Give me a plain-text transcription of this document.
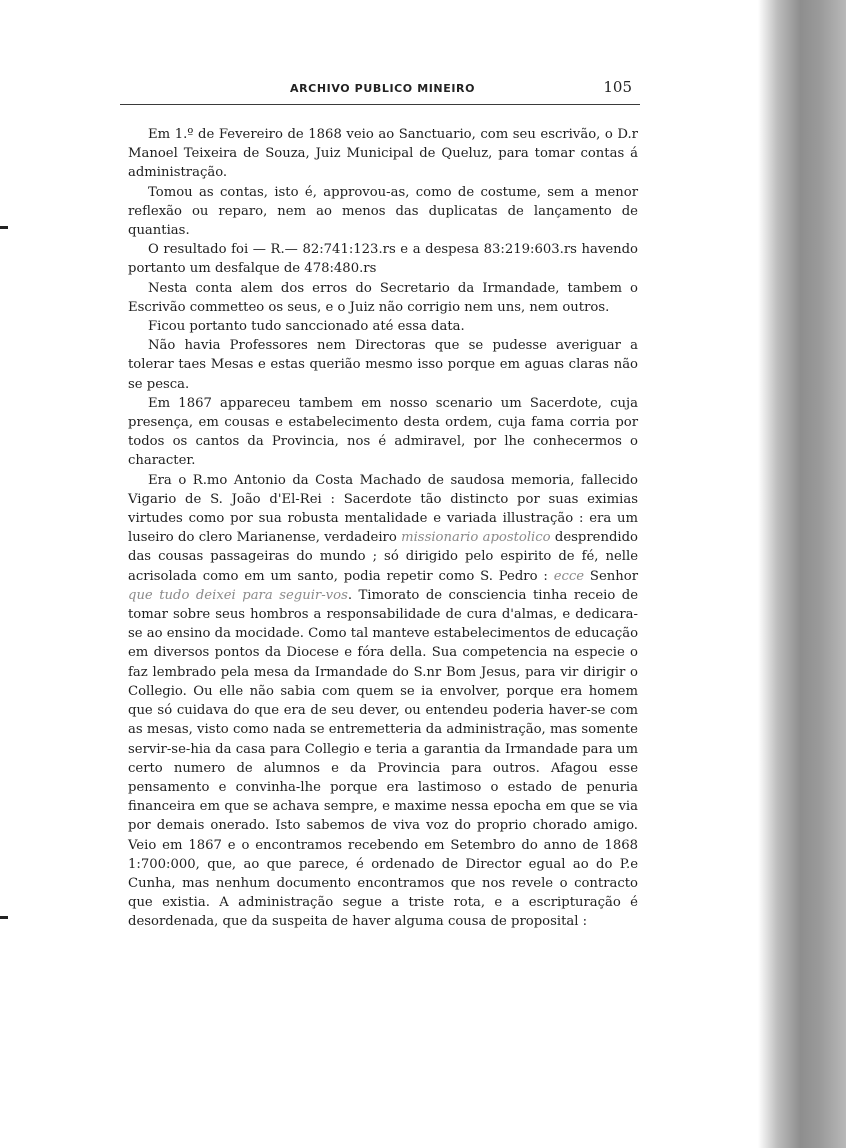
ARCHIVO PUBLICO MINEIRO	105

Em 1.º de Fevereiro de 1868 veio ao Sanctuario, com seu escrivão, o D.r Manoel Teixeira de Souza, Juiz Municipal de Queluz, para tomar contas á administração.

Tomou as contas, isto é, approvou-as, como de costume, sem a menor reflexão ou reparo, nem ao menos das duplicatas de lançamento de quantias.

O resultado foi — R.— 82:741:123.rs e a despesa 83:219:603.rs havendo portanto um desfalque de 478:480.rs

Nesta conta alem dos erros do Secretario da Irmandade, tambem o Escrivão commetteo os seus, e o Juiz não corrigio nem uns, nem outros.

Ficou portanto tudo sanccionado até essa data.

Não havia Professores nem Directoras que se pudesse averiguar a tolerar taes Mesas e estas querião mesmo isso porque em aguas claras não se pesca.

Em 1867 appareceu tambem em nosso scenario um Sacerdote, cuja presença, em cousas e estabelecimento desta ordem, cuja fama corria por todos os cantos da Provincia, nos é admiravel, por lhe conhecermos o character.

Era o R.mo Antonio da Costa Machado de saudosa memoria, fallecido Vigario de S. João d'El-Rei : Sacerdote tão distincto por suas eximias virtudes como por sua robusta mentalidade e variada illustração : era um luseiro do clero Marianense, verdadeiro missionario apostolico desprendido das cousas passageiras do mundo ; só dirigido pelo espirito de fé, nelle acrisolada como em um santo, podia repetir como S. Pedro : ecce Senhor que tudo deixei para seguir-vos. Timorato de consciencia tinha receio de tomar sobre seus hombros a responsabilidade de cura d'almas, e dedicara-se ao ensino da mocidade. Como tal manteve estabelecimentos de educação em diversos pontos da Diocese e fóra della. Sua competencia na especie o faz lembrado pela mesa da Irmandade do S.nr Bom Jesus, para vir dirigir o Collegio. Ou elle não sabia com quem se ia envolver, porque era homem que só cuidava do que era de seu dever, ou entendeu poderia haver-se com as mesas, visto como nada se entremetteria da administração, mas somente servir-se-hia da casa para Collegio e teria a garantia da Irmandade para um certo numero de alumnos e da Provincia para outros. Afagou esse pensamento e convinha-lhe porque era lastimoso o estado de penuria financeira em que se achava sempre, e maxime nessa epocha em que se via por demais onerado. Isto sabemos de viva voz do proprio chorado amigo. Veio em 1867 e o encontramos recebendo em Setembro do anno de 1868 1:700:000, que, ao que parece, é ordenado de Director egual ao do P.e Cunha, mas nenhum documento encontramos que nos revele o contracto que existia. A administração segue a triste rota, e a escripturação é desordenada, que da suspeita de haver alguma cousa de proposital :
